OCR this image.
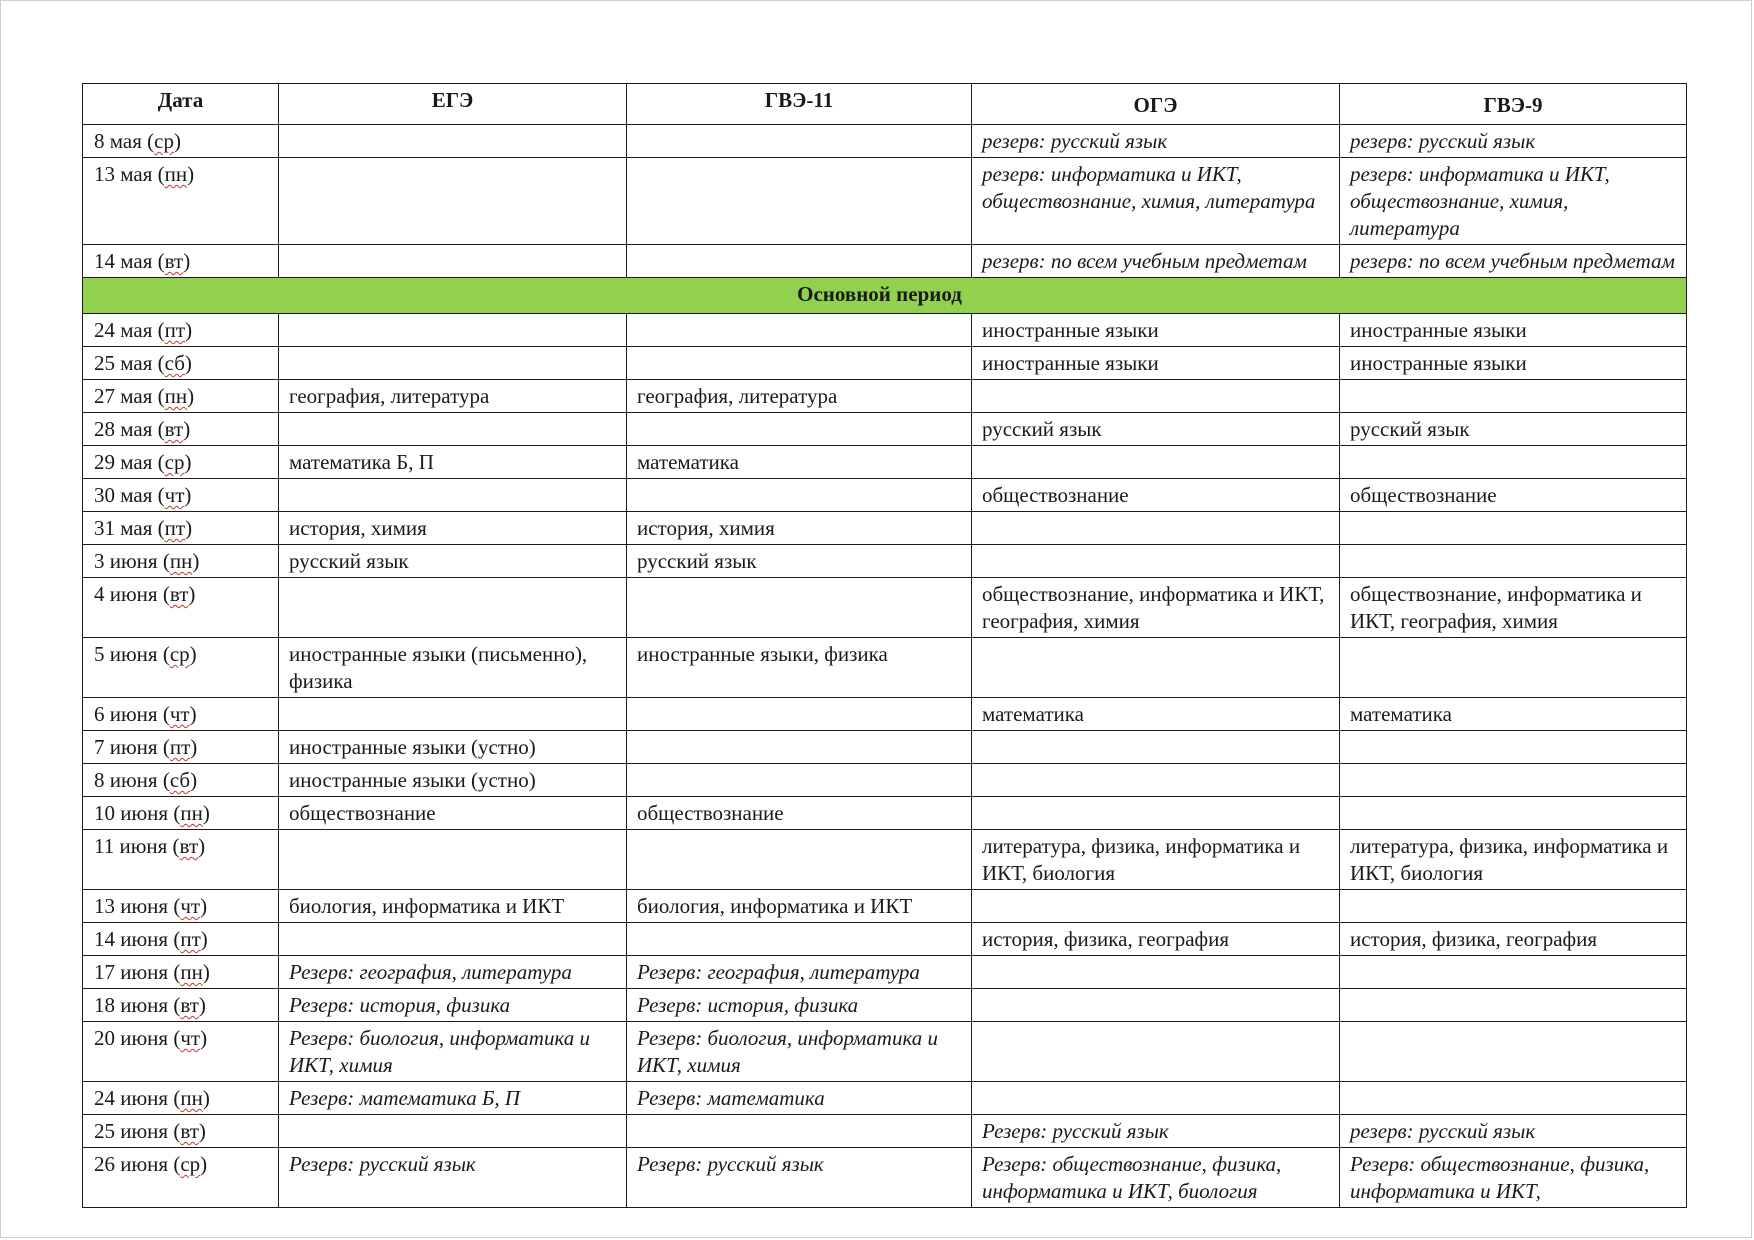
Дата	ЕГЭ	ГВЭ-11	ОГЭ	ГВЭ-9
8 мая (ср)			резерв: русский язык	резерв: русский язык
13 мая (пн)			резерв: информатика и ИКТ, обществознание, химия, литература	резерв: информатика и ИКТ, обществознание, химия, литература
14 мая (вт)			резерв: по всем учебным предметам	резерв: по всем учебным предметам
Основной период				
24 мая (пт)			иностранные языки	иностранные языки
25 мая (сб)			иностранные языки	иностранные языки
27 мая (пн)	география, литература	география, литература		
28 мая (вт)			русский язык	русский язык
29 мая (ср)	математика Б, П	математика		
30 мая (чт)			обществознание	обществознание
31 мая (пт)	история, химия	история, химия		
3 июня (пн)	русский язык	русский язык		
4 июня (вт)			обществознание, информатика и ИКТ, география, химия	обществознание, информатика и ИКТ, география, химия
5 июня (ср)	иностранные языки (письменно), физика	иностранные языки, физика		
6 июня (чт)			математика	математика
7 июня (пт)	иностранные языки (устно)			
8 июня (сб)	иностранные языки (устно)			
10 июня (пн)	обществознание	обществознание		
11 июня (вт)			литература, физика, информатика и ИКТ, биология	литература, физика, информатика и ИКТ, биология
13 июня (чт)	биология, информатика и ИКТ	биология, информатика и ИКТ		
14 июня (пт)			история, физика, география	история, физика, география
17 июня (пн)	Резерв: география, литература	Резерв: география, литература		
18 июня (вт)	Резерв: история, физика	Резерв: история, физика		
20 июня (чт)	Резерв: биология, информатика и ИКТ, химия	Резерв: биология, информатика и ИКТ, химия		
24 июня (пн)	Резерв: математика Б, П	Резерв: математика		
25 июня (вт)			Резерв: русский язык	резерв: русский язык
26 июня (ср)	Резерв: русский язык	Резерв: русский язык	Резерв: обществознание, физика, информатика и ИКТ, биология	Резерв: обществознание, физика, информатика и ИКТ,
